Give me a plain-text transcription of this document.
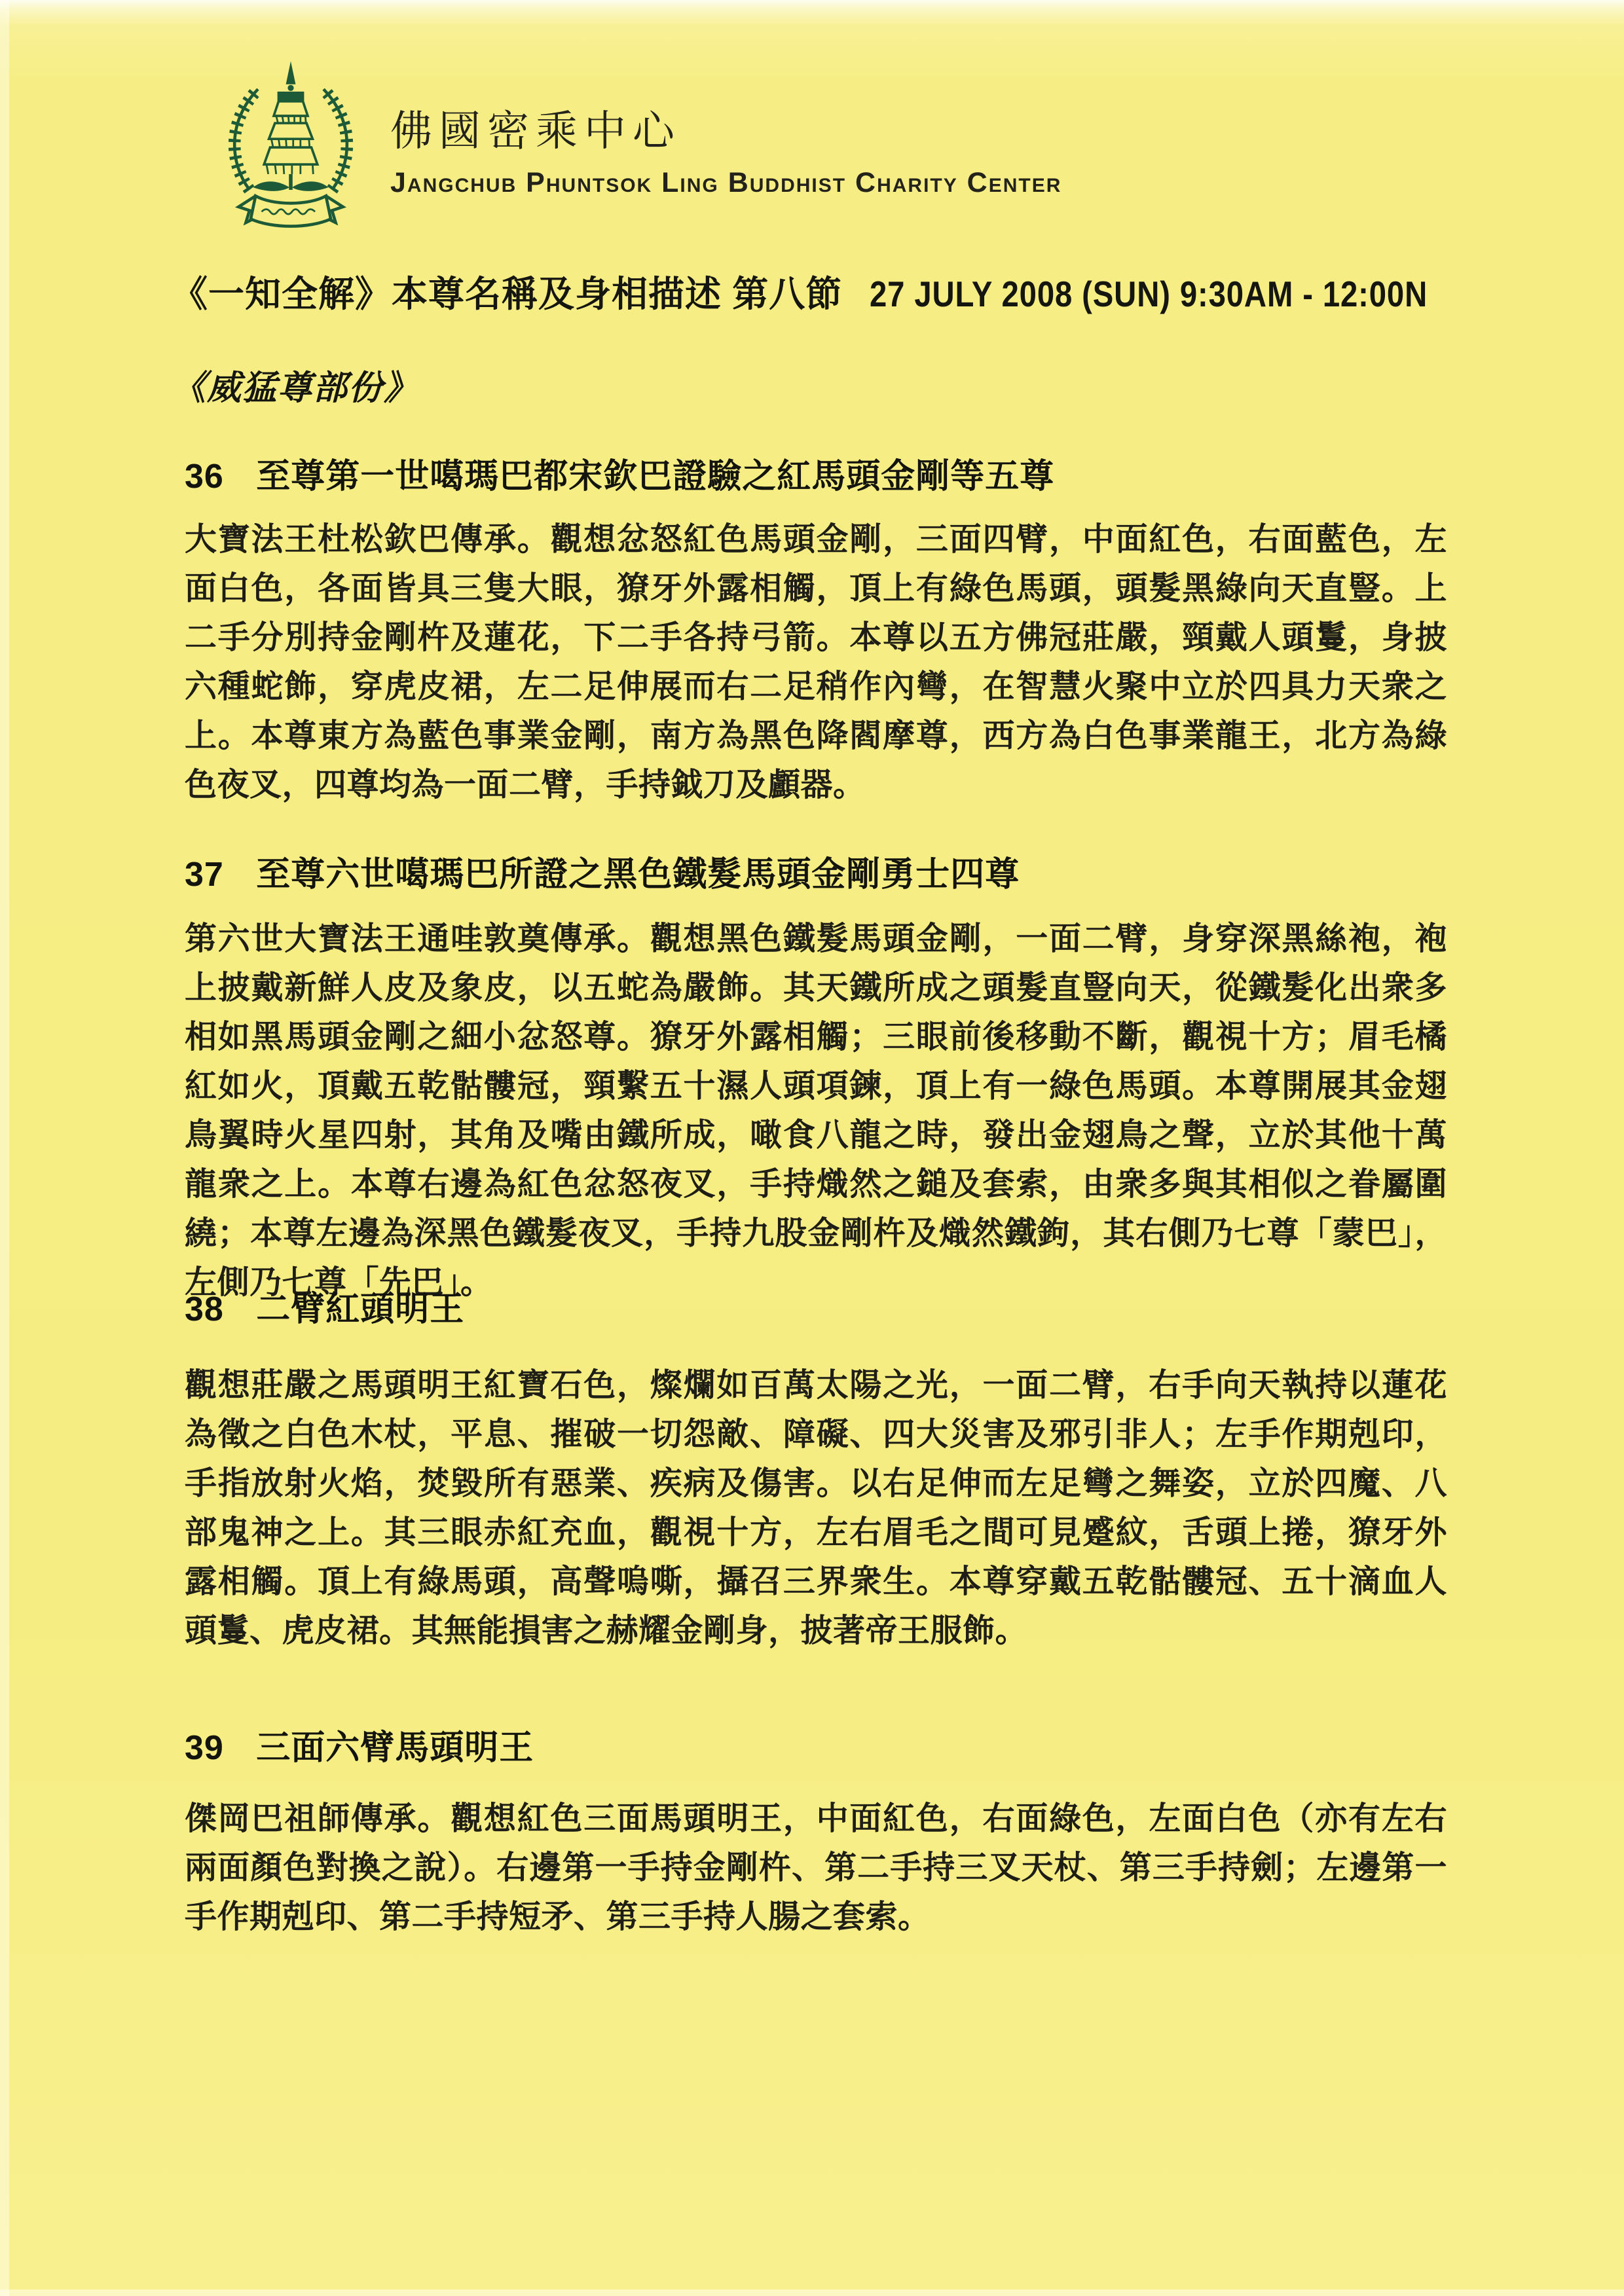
佛國密乘中心
Jangchub Phuntsok Ling Buddhist Charity Center
《一知全解》本尊名稱及身相描述 第八節 27 JULY 2008 (SUN) 9:30AM - 12:00N
《威猛尊部份》
36 至尊第一世噶瑪巴都宋欽巴證驗之紅馬頭金剛等五尊

大寶法王杜松欽巴傳承。觀想忿怒紅色馬頭金剛，三面四臂，中面紅色，右面藍色，左面白色，各面皆具三隻大眼，獠牙外露相觸，頂上有綠色馬頭，頭髮黑綠向天直豎。上二手分別持金剛杵及蓮花，下二手各持弓箭。本尊以五方佛冠莊嚴，頸戴人頭鬘，身披六種蛇飾，穿虎皮裙，左二足伸展而右二足稍作內彎，在智慧火聚中立於四具力天衆之上。本尊東方為藍色事業金剛，南方為黑色降閻摩尊，西方為白色事業龍王，北方為綠色夜叉，四尊均為一面二臂，手持鉞刀及顱器。

37 至尊六世噶瑪巴所證之黑色鐵髮馬頭金剛勇士四尊

第六世大寶法王通哇敦奠傳承。觀想黑色鐵髮馬頭金剛，一面二臂，身穿深黑絲袍，袍上披戴新鮮人皮及象皮，以五蛇為嚴飾。其天鐵所成之頭髮直豎向天，從鐵髮化出衆多相如黑馬頭金剛之細小忿怒尊。獠牙外露相觸；三眼前後移動不斷，觀視十方；眉毛橘紅如火，頂戴五乾骷髏冠，頸繫五十濕人頭項鍊，頂上有一綠色馬頭。本尊開展其金翅鳥翼時火星四射，其角及嘴由鐵所成，噉食八龍之時，發出金翅鳥之聲，立於其他十萬龍衆之上。本尊右邊為紅色忿怒夜叉，手持熾然之鎚及套索，由衆多與其相似之眷屬圍繞；本尊左邊為深黑色鐵髮夜叉，手持九股金剛杵及熾然鐵鉤，其右側乃七尊「蒙巴」，左側乃七尊「先巴」。

38 二臂紅頭明王

觀想莊嚴之馬頭明王紅寶石色，燦爛如百萬太陽之光，一面二臂，右手向天執持以蓮花為徵之白色木杖，平息、摧破一切怨敵、障礙、四大災害及邪引非人；左手作期剋印，手指放射火焰，焚毀所有惡業、疾病及傷害。以右足伸而左足彎之舞姿，立於四魔、八部鬼神之上。其三眼赤紅充血，觀視十方，左右眉毛之間可見蹙紋，舌頭上捲，獠牙外露相觸。頂上有綠馬頭，高聲嗚嘶，攝召三界衆生。本尊穿戴五乾骷髏冠、五十滴血人頭鬘、虎皮裙。其無能損害之赫耀金剛身，披著帝王服飾。

39 三面六臂馬頭明王

傑岡巴祖師傳承。觀想紅色三面馬頭明王，中面紅色，右面綠色，左面白色（亦有左右兩面顏色對換之說）。右邊第一手持金剛杵、第二手持三叉天杖、第三手持劍；左邊第一手作期剋印、第二手持短矛、第三手持人腸之套索。
